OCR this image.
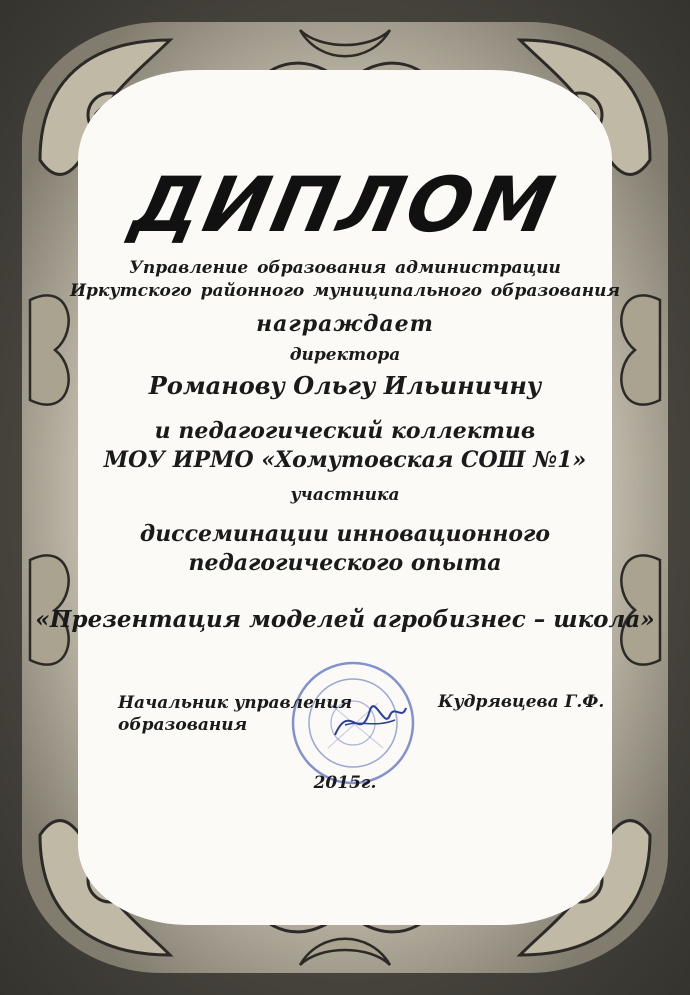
ДИПЛОМ
Управление образования администрации
Иркутского районного муниципального образования
награждает
директора
Романову Ольгу Ильиничну
и педагогический коллектив
МОУ ИРМО «Хомутовская СОШ №1»
участника
диссеминации инновационного
педагогического опыта
«Презентация моделей агробизнес – школа»
Начальник управления
образования
Кудрявцева Г.Ф.
2015г.
